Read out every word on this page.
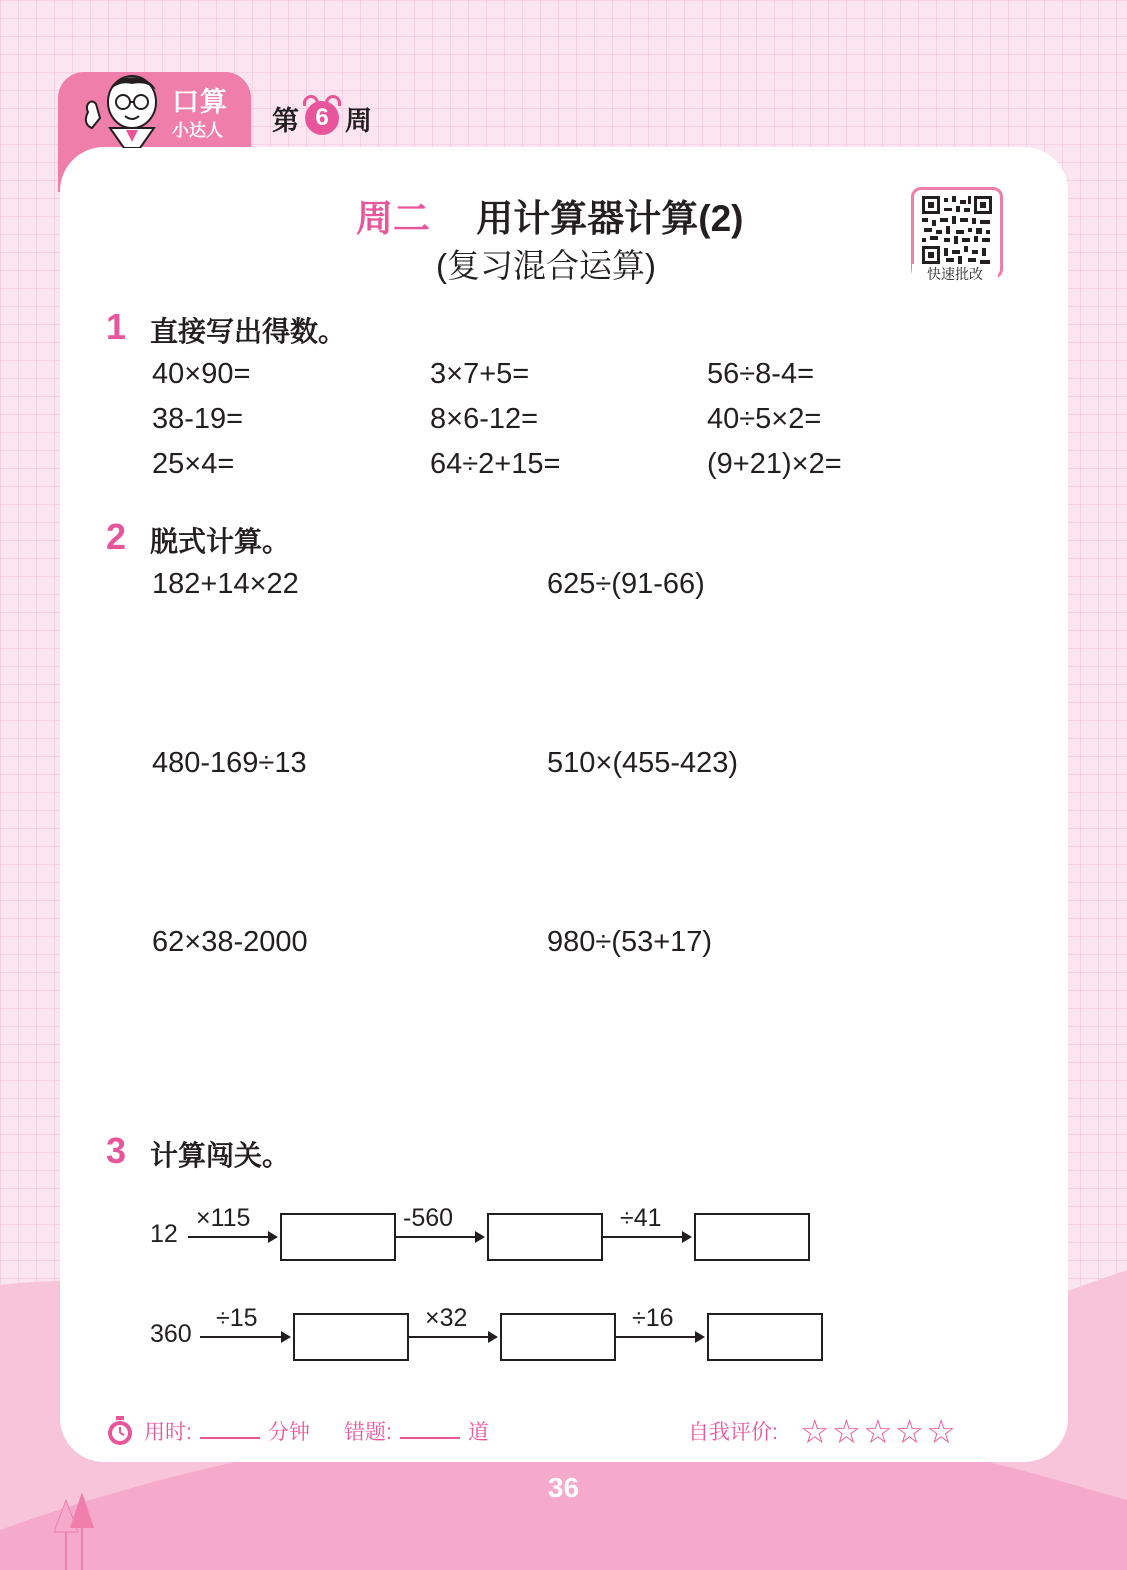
口算
小达人 第 6 周
周二 用计算器计算(2)
(复习混合运算)	快速批改
1 直接写出得数。
40×90=	3×7+5=	56÷8-4=
38-19=	8×6-12=	40÷5×2=
25×4=	64÷2+15=	(9+21)×2=
2 脱式计算。
182+14×22	625÷(91-66)
480-169÷13	510×(455-423)
62×38-2000	980÷(53+17)
3 计算闯关。
12
×115	-560	÷41
360
÷15	×32	÷16
用时:	分钟 错题:	道	自我评价: ☆☆☆☆☆
36
